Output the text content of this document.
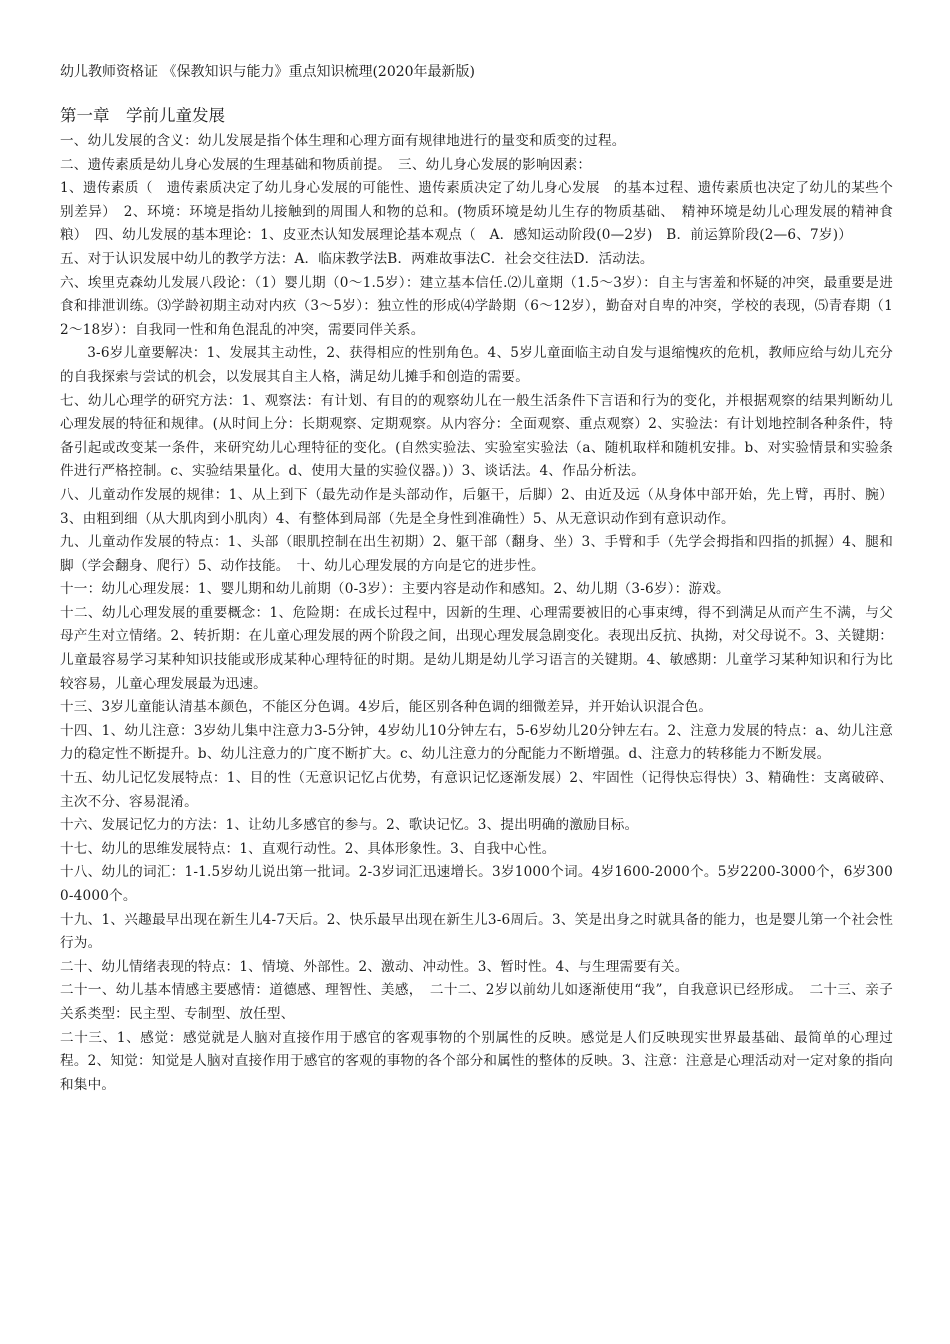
幼儿教师资格证 《保教知识与能力》重点知识梳理(2020年最新版)
第一章　学前儿童发展

一、幼儿发展的含义：幼儿发展是指个体生理和心理方面有规律地进行的量变和质变的过程。

二、遗传素质是幼儿身心发展的生理基础和物质前提。　三、幼儿身心发展的影响因素：

1、遗传素质（　遗传素质决定了幼儿身心发展的可能性、遗传素质决定了幼儿身心发展　的基本过程、遗传素质也决定了幼儿的某些个别差异）　2、环境：环境是指幼儿接触到的周围人和物的总和。(物质环境是幼儿生存的物质基础、　精神环境是幼儿心理发展的精神食粮）　四、幼儿发展的基本理论：1、皮亚杰认知发展理论基本观点（　A．感知运动阶段(0—2岁)　B．前运算阶段(2—6、7岁)）

五、对于认识发展中幼儿的教学方法：A．临床教学法B．两难故事法C．社会交往法D．活动法。

六、埃里克森幼儿发展八段论：（1）婴儿期（0～1.5岁）：建立基本信任.⑵儿童期（1.5～3岁）：自主与害羞和怀疑的冲突，最重要是进食和排泄训练。⑶学龄初期主动对内疚（3～5岁）：独立性的形成⑷学龄期（6～12岁），勤奋对自卑的冲突，学校的表现，⑸青春期（12～18岁）：自我同一性和角色混乱的冲突，需要同伴关系。

3-6岁儿童要解决：1、发展其主动性，2、获得相应的性别角色。4、5岁儿童面临主动自发与退缩愧疚的危机，教师应给与幼儿充分的自我探索与尝试的机会，以发展其自主人格，满足幼儿摊手和创造的需要。

七、幼儿心理学的研究方法：1、观察法：有计划、有目的的观察幼儿在一般生活条件下言语和行为的变化，并根据观察的结果判断幼儿心理发展的特征和规律。(从时间上分：长期观察、定期观察。从内容分：全面观察、重点观察）2、实验法：有计划地控制各种条件，特备引起或改变某一条件，来研究幼儿心理特征的变化。(自然实验法、实验室实验法（a、随机取样和随机安排。b、对实验情景和实验条件进行严格控制。c、实验结果量化。d、使用大量的实验仪器。)）3、谈话法。4、作品分析法。

八、儿童动作发展的规律：1、从上到下（最先动作是头部动作，后躯干，后脚）2、由近及远（从身体中部开始，先上臂，再肘、腕）3、由粗到细（从大肌肉到小肌肉）4、有整体到局部（先是全身性到准确性）5、从无意识动作到有意识动作。

九、儿童动作发展的特点：1、头部（眼肌控制在出生初期）2、躯干部（翻身、坐）3、手臂和手（先学会拇指和四指的抓握）4、腿和脚（学会翻身、爬行）5、动作技能。　十、幼儿心理发展的方向是它的进步性。

十一：幼儿心理发展：1、婴儿期和幼儿前期（0-3岁）：主要内容是动作和感知。2、幼儿期（3-6岁）：游戏。

十二、幼儿心理发展的重要概念：1、危险期：在成长过程中，因新的生理、心理需要被旧的心事束缚，得不到满足从而产生不满，与父母产生对立情绪。2、转折期：在儿童心理发展的两个阶段之间，出现心理发展急剧变化。表现出反抗、执拗，对父母说不。3、关键期：儿童最容易学习某种知识技能或形成某种心理特征的时期。是幼儿期是幼儿学习语言的关键期。4、敏感期：儿童学习某种知识和行为比较容易，儿童心理发展最为迅速。

十三、3岁儿童能认清基本颜色，不能区分色调。4岁后，能区别各种色调的细微差异，并开始认识混合色。

十四、1、幼儿注意：3岁幼儿集中注意力3-5分钟，4岁幼儿10分钟左右，5-6岁幼儿20分钟左右。2、注意力发展的特点：a、幼儿注意力的稳定性不断提升。b、幼儿注意力的广度不断扩大。c、幼儿注意力的分配能力不断增强。d、注意力的转移能力不断发展。

十五、幼儿记忆发展特点：1、目的性（无意识记忆占优势，有意识记忆逐渐发展）2、牢固性（记得快忘得快）3、精确性：支离破碎、主次不分、容易混淆。

十六、发展记忆力的方法：1、让幼儿多感官的参与。2、歌诀记忆。3、提出明确的激励目标。

十七、幼儿的思维发展特点：1、直观行动性。2、具体形象性。3、自我中心性。

十八、幼儿的词汇：1-1.5岁幼儿说出第一批词。2-3岁词汇迅速增长。3岁1000个词。4岁1600-2000个。5岁2200-3000个，6岁3000-4000个。

十九、1、兴趣最早出现在新生儿4-7天后。2、快乐最早出现在新生儿3-6周后。3、笑是出身之时就具备的能力，也是婴儿第一个社会性行为。

二十、幼儿情绪表现的特点：1、情境、外部性。2、激动、冲动性。3、暂时性。4、与生理需要有关。

二十一、幼儿基本情感主要感情：道德感、理智性、美感，　二十二、2岁以前幼儿如逐渐使用“我”，自我意识已经形成。　二十三、亲子关系类型：民主型、专制型、放任型、

二十三、1、感觉：感觉就是人脑对直接作用于感官的客观事物的个别属性的反映。感觉是人们反映现实世界最基础、最简单的心理过程。2、知觉：知觉是人脑对直接作用于感官的客观的事物的各个部分和属性的整体的反映。3、注意：注意是心理活动对一定对象的指向和集中。
